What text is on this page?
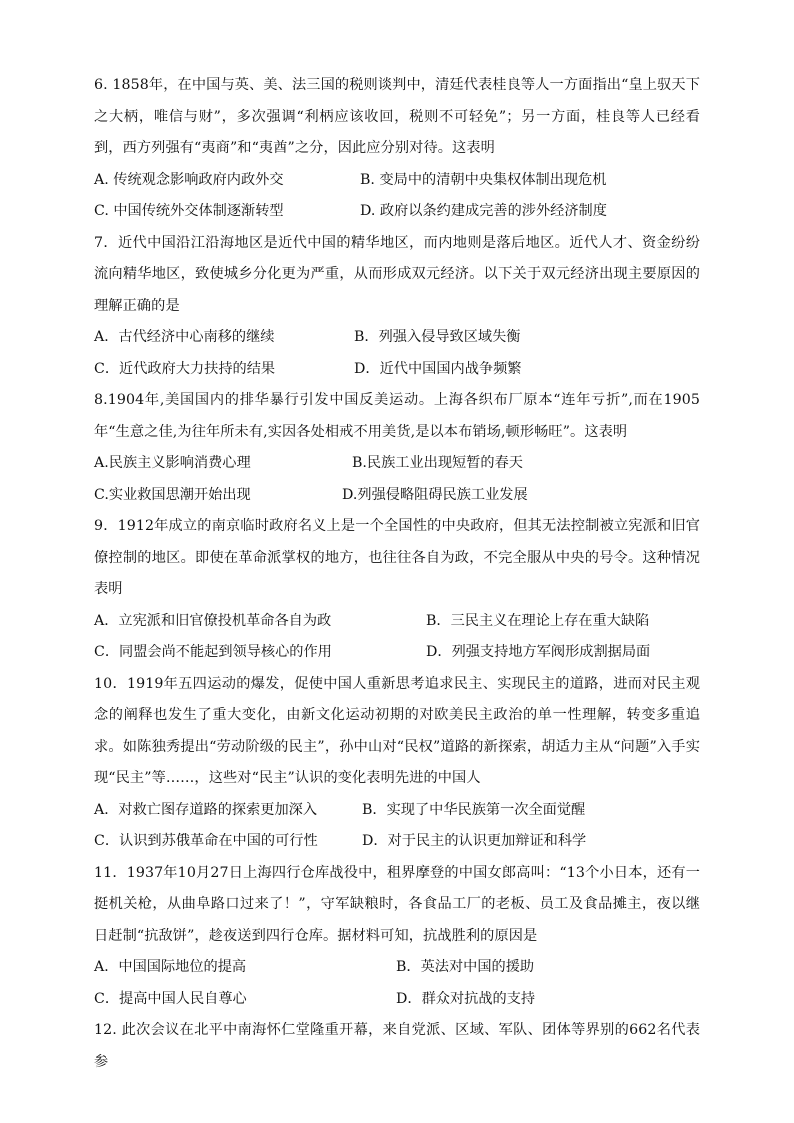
6. 1858年，在中国与英、美、法三国的税则谈判中，清廷代表桂良等人一方面指出“皇上驭天下之大柄，唯信与财”，多次强调“利柄应该收回，税则不可轻免”；另一方面，桂良等人已经看到，西方列强有“夷商”和“夷酋”之分，因此应分别对待。这表明

A. 传统观念影响政府内政外交	B. 变局中的清朝中央集权体制出现危机
C. 中国传统外交体制逐渐转型	D. 政府以条约建成完善的涉外经济制度

7．近代中国沿江沿海地区是近代中国的精华地区，而内地则是落后地区。近代人才、资金纷纷流向精华地区，致使城乡分化更为严重，从而形成双元经济。以下关于双元经济出现主要原因的理解正确的是

A．古代经济中心南移的继续	B．列强入侵导致区域失衡
C．近代政府大力扶持的结果	D．近代中国国内战争频繁

8.1904年,美国国内的排华暴行引发中国反美运动。上海各织布厂原本“连年亏折”,而在1905年“生意之佳,为往年所未有,实因各处相戒不用美货,是以本布销场,顿形畅旺”。这表明

A.民族主义影响消费心理	B.民族工业出现短暂的春天
C.实业救国思潮开始出现	D.列强侵略阻碍民族工业发展

9．1912年成立的南京临时政府名义上是一个全国性的中央政府，但其无法控制被立宪派和旧官僚控制的地区。即使在革命派掌权的地方，也往往各自为政，不完全服从中央的号令。这种情况表明

A．立宪派和旧官僚投机革命各自为政	B．三民主义在理论上存在重大缺陷
C．同盟会尚不能起到领导核心的作用	D．列强支持地方军阀形成割据局面

10．1919年五四运动的爆发，促使中国人重新思考追求民主、实现民主的道路，进而对民主观念的阐释也发生了重大变化，由新文化运动初期的对欧美民主政治的单一性理解，转变多重追求。如陈独秀提出“劳动阶级的民主”，孙中山对“民权”道路的新探索，胡适力主从“问题”入手实现“民主”等……，这些对“民主”认识的变化表明先进的中国人

A．对救亡图存道路的探索更加深入	B．实现了中华民族第一次全面觉醒
C．认识到苏俄革命在中国的可行性	D．对于民主的认识更加辩证和科学

11．1937年10月27日上海四行仓库战役中，租界摩登的中国女郎高叫：“13个小日本，还有一挺机关枪，从曲阜路口过来了！”，守军缺粮时，各食品工厂的老板、员工及食品摊主，夜以继日赶制“抗敌饼”，趁夜送到四行仓库。据材料可知，抗战胜利的原因是

A．中国国际地位的提高	B．英法对中国的援助
C．提高中国人民自尊心	D．群众对抗战的支持

12. 此次会议在北平中南海怀仁堂隆重开幕，来自党派、区域、军队、团体等界别的662名代表参
